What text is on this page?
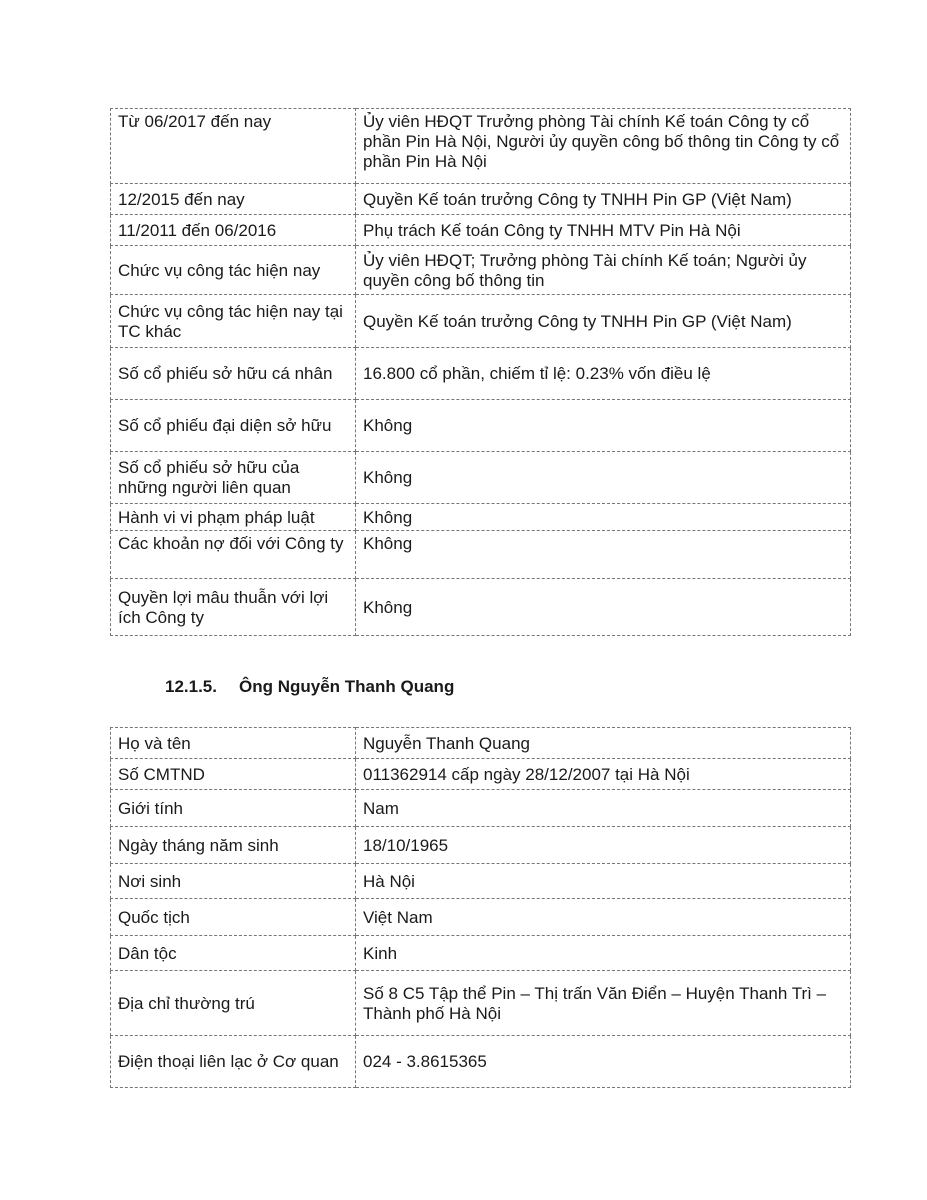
Từ 06/2017 đến nay	Ủy viên HĐQT Trưởng phòng Tài chính Kế toán Công ty cổ phần Pin Hà Nội, Người ủy quyền công bố thông tin Công ty cổ phần Pin Hà Nội
12/2015 đến nay	Quyền Kế toán trưởng Công ty TNHH Pin GP (Việt Nam)
11/2011 đến 06/2016	Phụ trách Kế toán Công ty TNHH MTV Pin Hà Nội
Chức vụ công tác hiện nay	Ủy viên HĐQT; Trưởng phòng Tài chính Kế toán; Người ủy quyền công bố thông tin
Chức vụ công tác hiện nay tại TC khác	Quyền Kế toán trưởng Công ty TNHH Pin GP (Việt Nam)
Số cổ phiếu sở hữu cá nhân	16.800 cổ phần, chiếm tỉ lệ: 0.23% vốn điều lệ
Số cổ phiếu đại diện sở hữu	Không
Số cổ phiếu sở hữu của những người liên quan	Không
Hành vi vi phạm pháp luật	Không
Các khoản nợ đối với Công ty	Không
Quyền lợi mâu thuẫn với lợi ích Công ty	Không
12.1.5. Ông Nguyễn Thanh Quang
Họ và tên	Nguyễn Thanh Quang
Số CMTND	011362914 cấp ngày 28/12/2007 tại Hà Nội
Giới tính	Nam
Ngày tháng năm sinh	18/10/1965
Nơi sinh	Hà Nội
Quốc tịch	Việt Nam
Dân tộc	Kinh
Địa chỉ thường trú	Số 8 C5 Tập thể Pin – Thị trấn Văn Điển – Huyện Thanh Trì – Thành phố Hà Nội
Điện thoại liên lạc ở Cơ quan	024 - 3.8615365
